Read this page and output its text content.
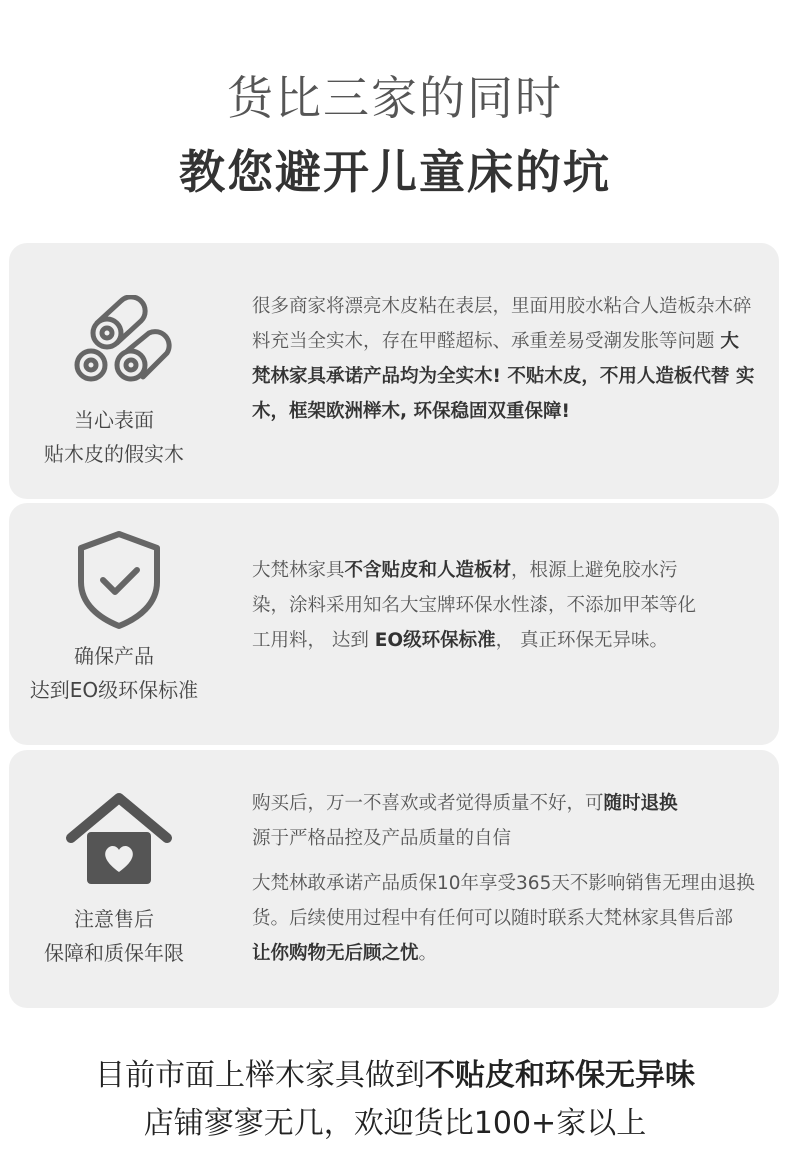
货比三家的同时
教您避开儿童床的坑
当心表面
贴木皮的假实木

很多商家将漂亮木皮粘在表层，里面用胶水粘合人造板杂木碎料充当全实木，存在甲醛超标、承重差易受潮发胀等问题 大梵林家具承诺产品均为全实木! 不贴木皮，不用人造板代替 实木，框架欧洲榉木, 环保稳固双重保障!

确保产品
达到EO级环保标准

大梵林家具不含贴皮和人造板材，根源上避免胶水污染，涂料采用知名大宝牌环保水性漆，不添加甲苯等化工用料， 达到 EO级环保标准， 真正环保无异味。

注意售后
保障和质保年限

购买后，万一不喜欢或者觉得质量不好，可随时退换
源于严格品控及产品质量的自信

大梵林敢承诺产品质保10年享受365天不影响销售无理由退换货。后续使用过程中有任何可以随时联系大梵林家具售后部 让你购物无后顾之忧。

目前市面上榉木家具做到不贴皮和环保无异味
店铺寥寥无几，欢迎货比100+家以上
